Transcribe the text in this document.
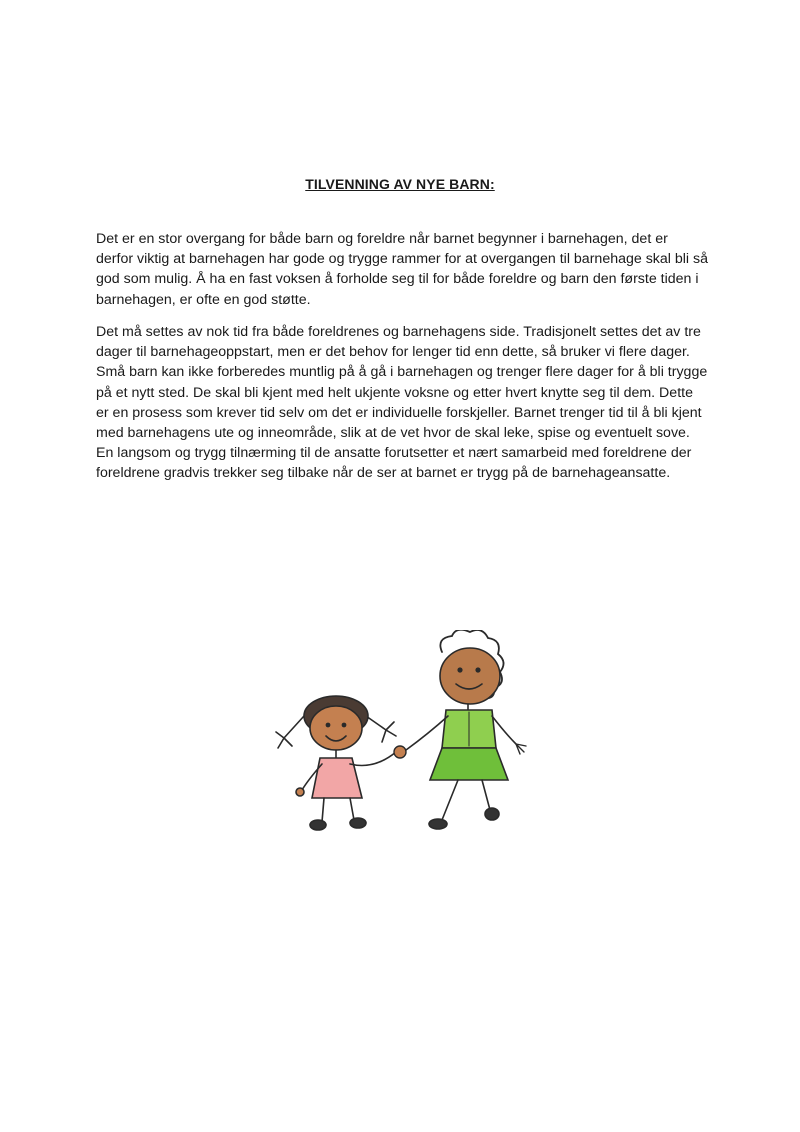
TILVENNING AV NYE BARN:

Det er en stor overgang for både barn og foreldre når barnet begynner i barnehagen, det er derfor viktig at barnehagen har gode og trygge rammer for at overgangen til barnehage skal bli så god som mulig. Å ha en fast voksen å forholde seg til for både foreldre og barn den første tiden i barnehagen, er ofte en god støtte.

Det må settes av nok tid fra både foreldrenes og barnehagens side. Tradisjonelt settes det av tre dager til barnehageoppstart, men er det behov for lenger tid enn dette, så bruker vi flere dager. Små barn kan ikke forberedes muntlig på å gå i barnehagen og trenger flere dager for å bli trygge på et nytt sted. De skal bli kjent med helt ukjente voksne og etter hvert knytte seg til dem. Dette er en prosess som krever tid selv om det er individuelle forskjeller. Barnet trenger tid til å bli kjent med barnehagens ute og inneområde, slik at de vet hvor de skal leke, spise og eventuelt sove. En langsom og trygg tilnærming til de ansatte forutsetter et nært samarbeid med foreldrene der foreldrene gradvis trekker seg tilbake når de ser at barnet er trygg på de barnehageansatte.
